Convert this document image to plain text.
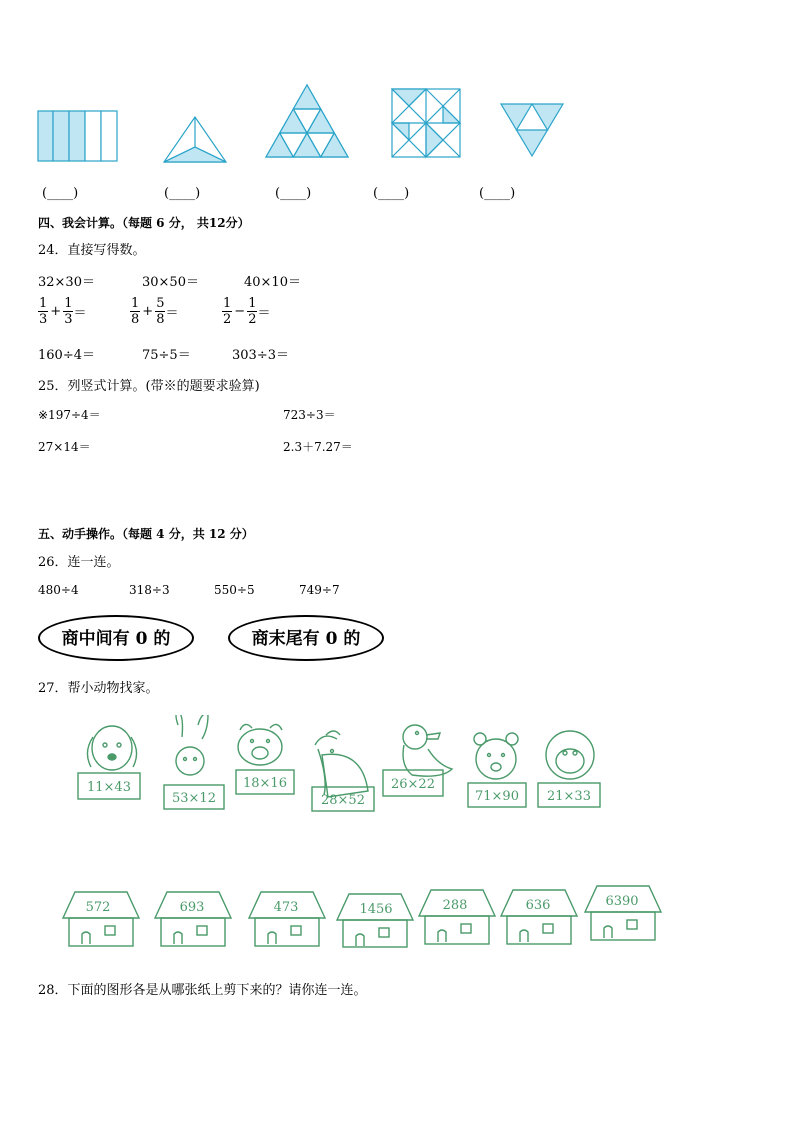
(____)	(____)	(____)	(____)	(____)
四、我会计算。（每题 6 分， 共12分）
24．直接写得数。
32×30＝	30×50＝	40×10＝
$\frac{1}{3} + \frac{1}{3}$ ＝	$\frac{1}{8} + \frac{5}{8}$ ＝	$\frac{1}{2} - \frac{1}{2}$ ＝
160÷4＝	75÷5＝	303÷3＝
25．列竖式计算。(带※的题要求验算)
※197÷4＝	723÷3＝
27×14＝	2.3＋7.27＝
五、动手操作。（每题 4 分，共 12 分）
26．连一连。
480÷4	318÷3	550÷5	749÷7
商中间有 0 的	商末尾有 0 的
27．帮小动物找家。
11×43
53×12
18×16
28×52
26×22
71×90 21×33
572	693	473	1456	288	636	6390
28．下面的图形各是从哪张纸上剪下来的？请你连一连。
